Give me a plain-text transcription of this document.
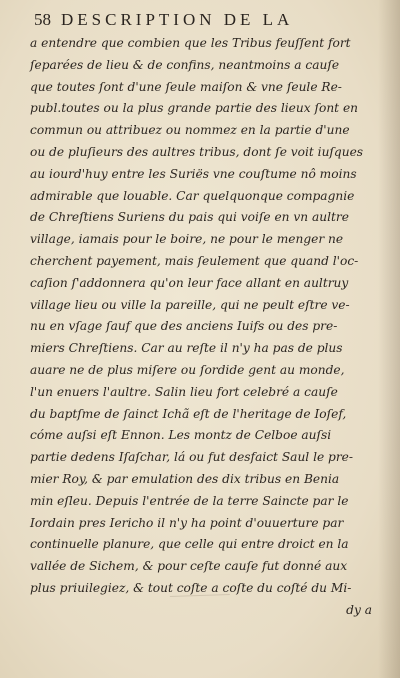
58 DESCRIPTION DE LA
a entendre que combien que les Tribus feuſſent fort
ſeparées de lieu & de confins, neantmoins a cauſe
que toutes ſont d'une ſeule maiſon & vne ſeule Re-
publ.toutes ou la plus grande partie des lieux ſont en
commun ou attribuez ou nommez en la partie d'une
ou de pluſieurs des aultres tribus, dont ſe voit iuſques
au iourd'huy entre les Suriës vne couſtume nô moins
admirable que louable. Car quelquonque compagnie
de Chreſtiens Suriens du pais qui voiſe en vn aultre
village, iamais pour le boire, ne pour le menger ne
cherchent payement, mais ſeulement que quand l'oc-
caſion ſ'addonnera qu'on leur face allant en aultruy
village lieu ou ville la pareille, qui ne peult eſtre ve-
nu en vſage ſauf que des anciens Iuifs ou des pre-
miers Chreſtiens. Car au reſte il n'y ha pas de plus
auare ne de plus miſere ou ſordide gent au monde,
l'un enuers l'aultre. Salin lieu fort celebré a cauſe
du baptſme de ſainct Ichã eſt de l'heritage de Ioſef,
cóme auſsi eſt Ennon. Les montz de Celboe auſsi
partie dedens Iſaſchar, lá ou fut desfaict Saul le pre-
mier Roy, & par emulation des dix tribus en Benia
min eſleu. Depuis l'entrée de la terre Saincte par le
Iordain pres Iericho il n'y ha point d'ouuerture par
continuelle planure, que celle qui entre droict en la
vallée de Sichem, & pour ceſte cauſe fut donné aux
plus priuilegiez, & tout coſte a coſte du coſté du Mi-
dy a
